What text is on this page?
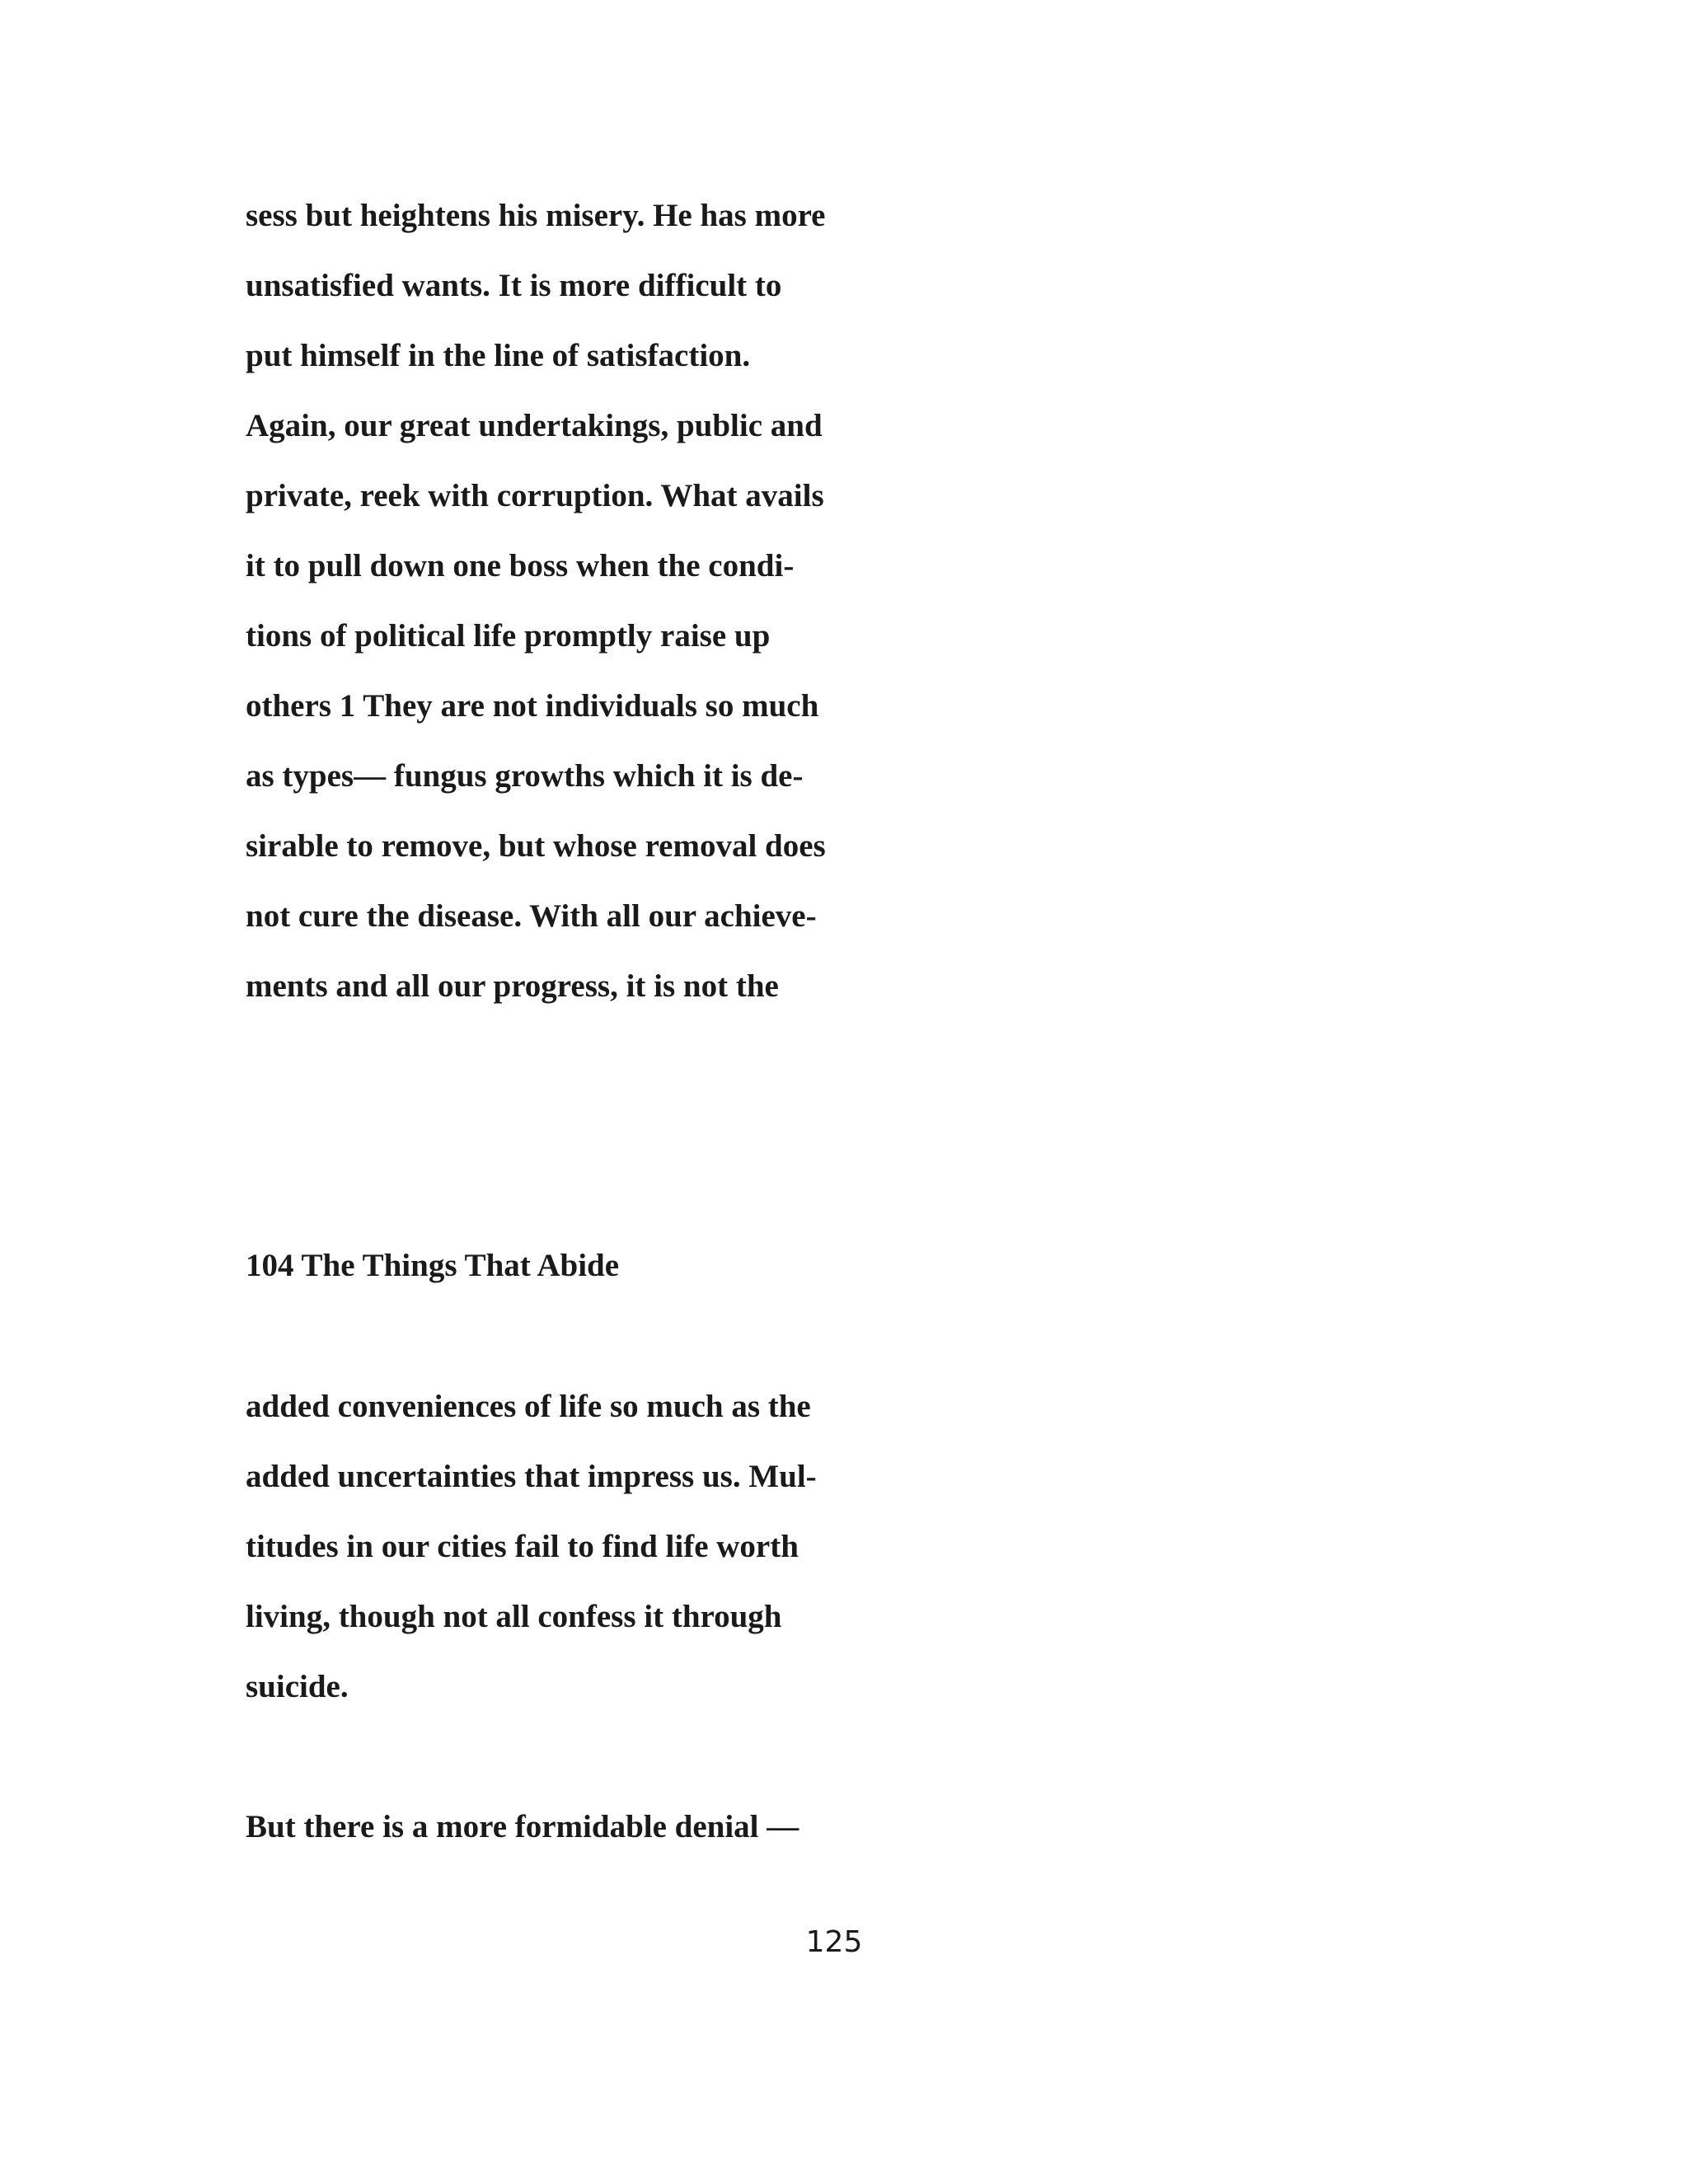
sess but heightens his misery. He has more

unsatisfied wants. It is more difficult to

put himself in the line of satisfaction.

Again, our great undertakings, public and

private, reek with corruption. What avails

it to pull down one boss when the condi-

tions of political life promptly raise up

others 1 They are not individuals so much

as types— fungus growths which it is de-

sirable to remove, but whose removal does

not cure the disease. With all our achieve-

ments and all our progress, it is not the

104 The Things That Abide

added conveniences of life so much as the

added uncertainties that impress us. Mul-

titudes in our cities fail to find life worth

living, though not all confess it through

suicide.

But there is a more formidable denial —

125
